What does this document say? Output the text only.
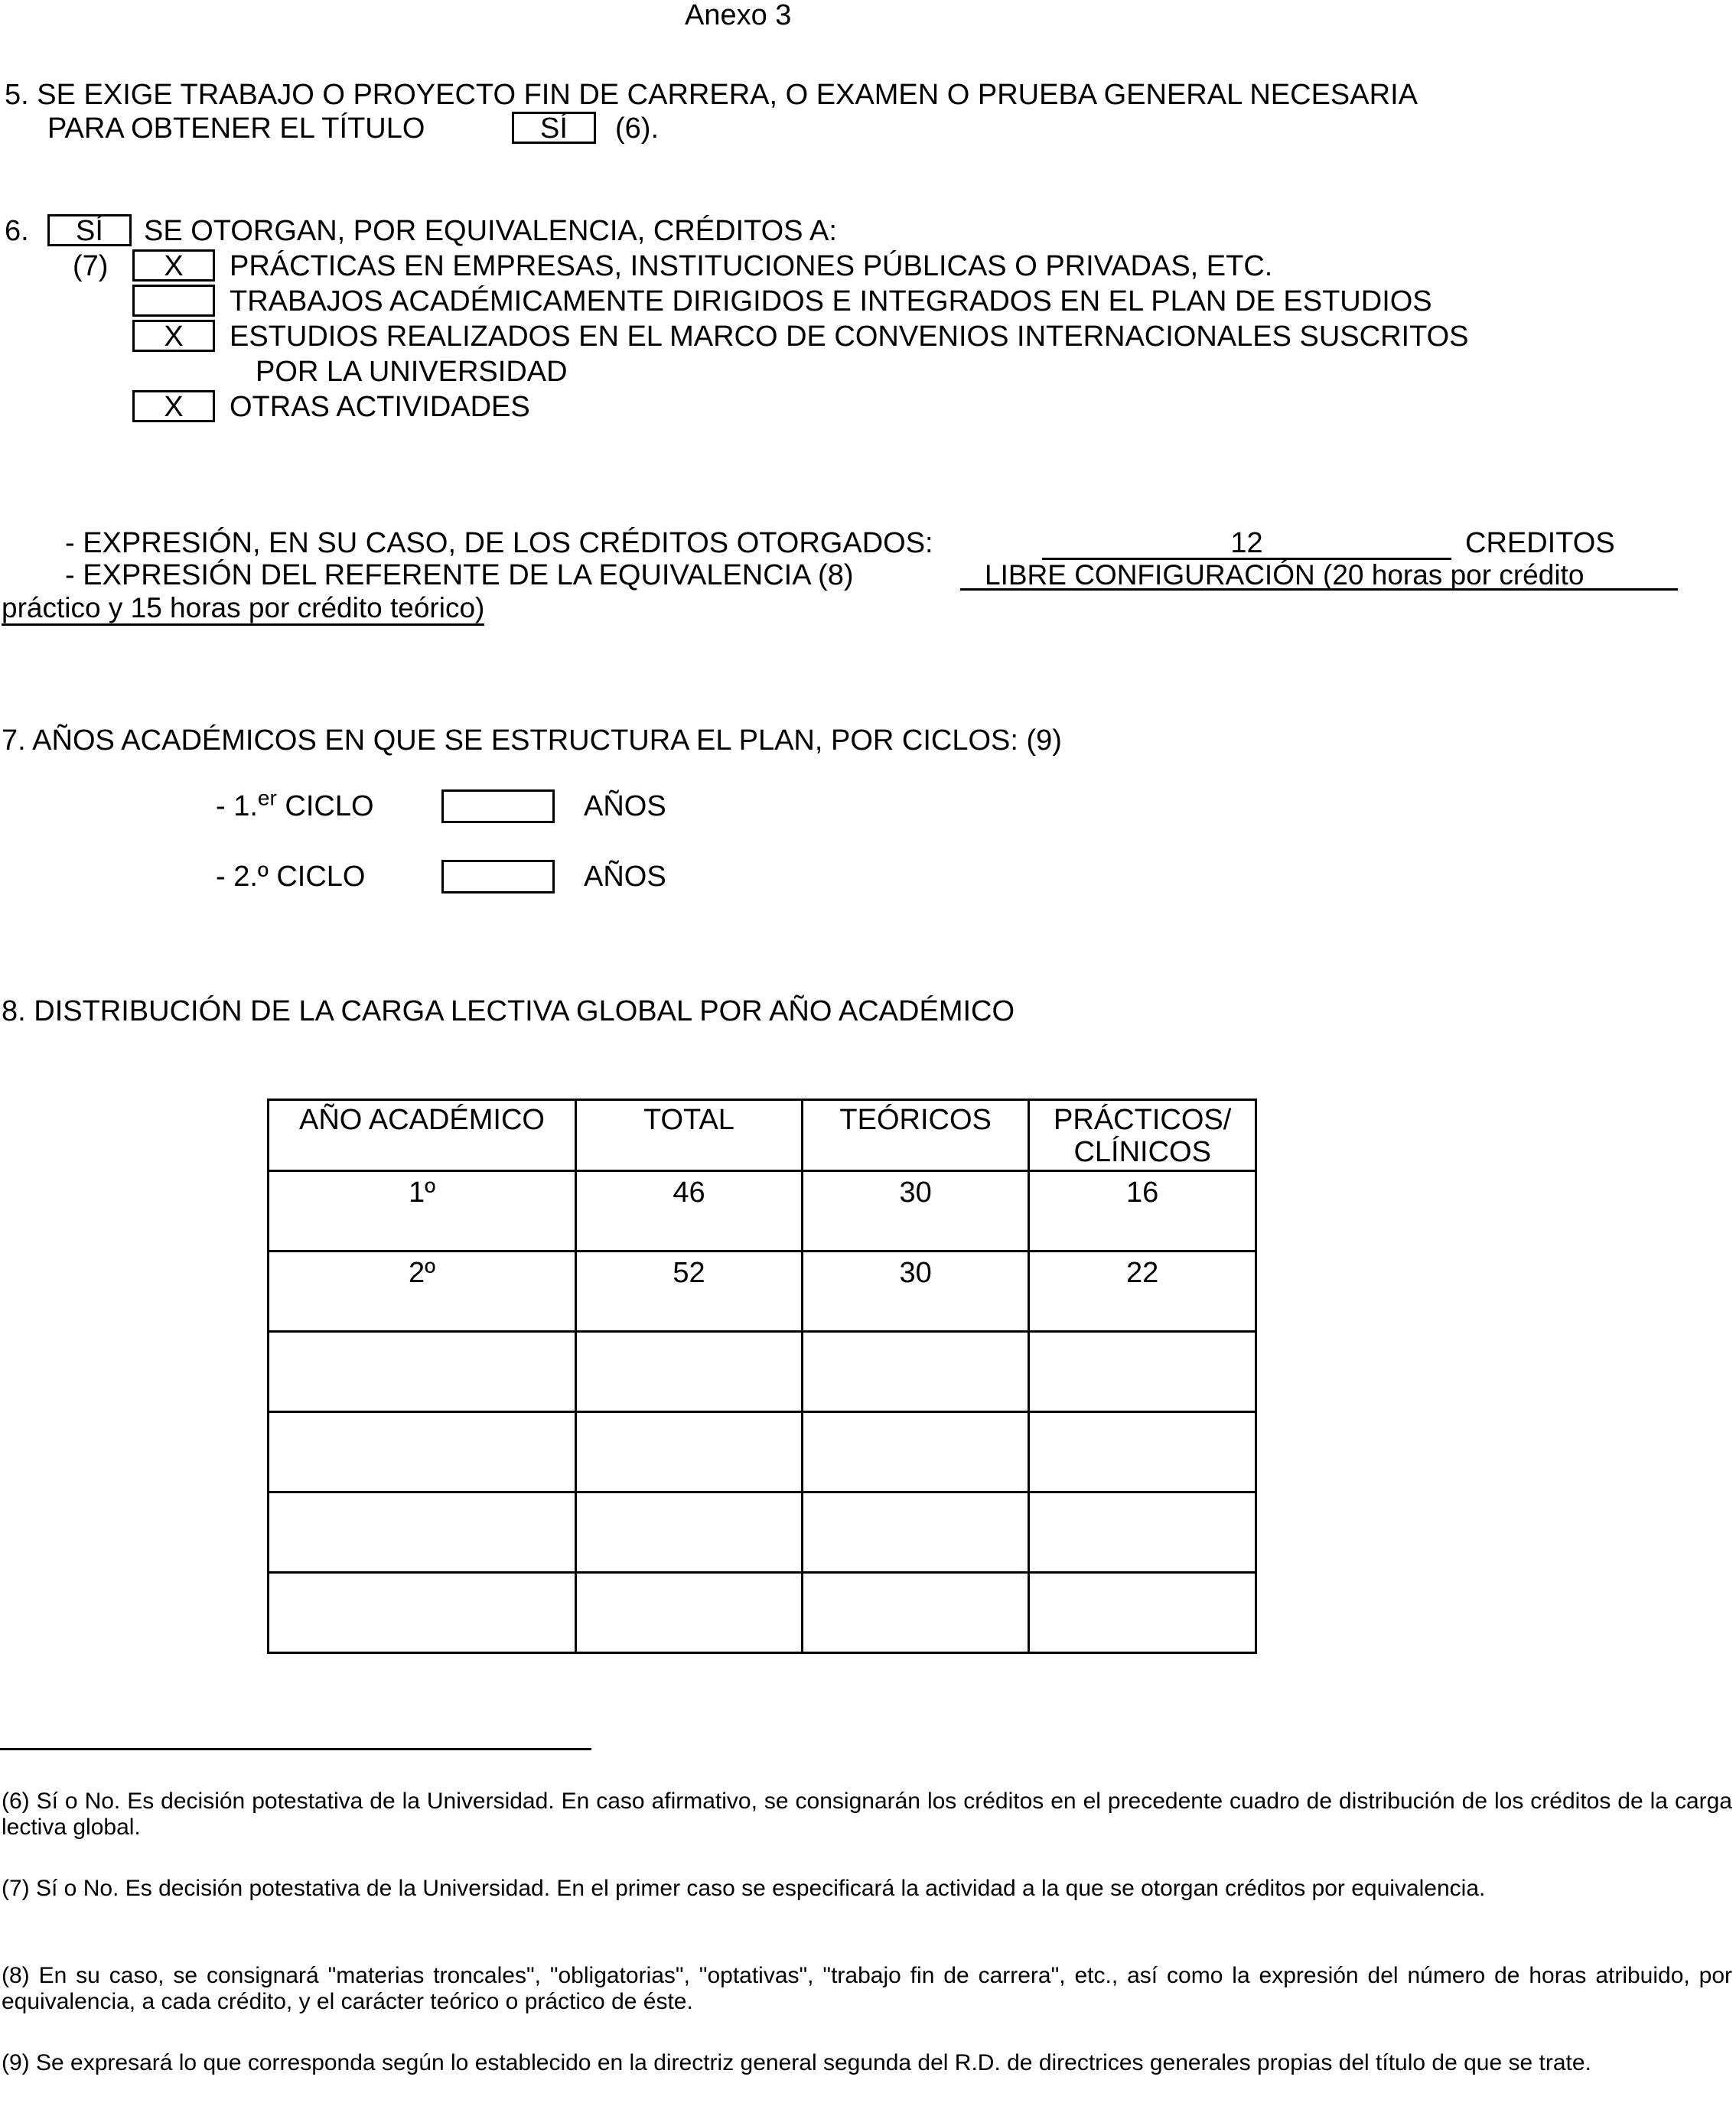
Anexo 3
5. SE EXIGE TRABAJO O PROYECTO FIN DE CARRERA, O EXAMEN O PRUEBA GENERAL NECESARIA
PARA OBTENER EL TÍTULO	SÍ	(6).
6.	SÍ	SE OTORGAN, POR EQUIVALENCIA, CRÉDITOS A:
(7)	X	PRÁCTICAS EN EMPRESAS, INSTITUCIONES PÚBLICAS O PRIVADAS, ETC.
TRABAJOS ACADÉMICAMENTE DIRIGIDOS E INTEGRADOS EN EL PLAN DE ESTUDIOS
X	ESTUDIOS REALIZADOS EN EL MARCO DE CONVENIOS INTERNACIONALES SUSCRITOS
POR LA UNIVERSIDAD
X	OTRAS ACTIVIDADES
- EXPRESIÓN, EN SU CASO, DE LOS CRÉDITOS OTORGADOS:	12	CREDITOS
- EXPRESIÓN DEL REFERENTE DE LA EQUIVALENCIA (8)	LIBRE CONFIGURACIÓN (20 horas por crédito
práctico y 15 horas por crédito teórico)
7. AÑOS ACADÉMICOS EN QUE SE ESTRUCTURA EL PLAN, POR CICLOS: (9)
- 1.$^{er}$ CICLO	AÑOS
- 2.º CICLO	AÑOS
8. DISTRIBUCIÓN DE LA CARGA LECTIVA GLOBAL POR AÑO ACADÉMICO
AÑO ACADÉMICO	TOTAL	TEÓRICOS	PRÁCTICOS/ CLÍNICOS
1º	46	30	16
2º	52	30	22

(6) Sí o No. Es decisión potestativa de la Universidad. En caso afirmativo, se consignarán los créditos en el precedente cuadro de distribución de los créditos de la carga lectiva global.
(7) Sí o No. Es decisión potestativa de la Universidad. En el primer caso se especificará la actividad a la que se otorgan créditos por equivalencia.
(8) En su caso, se consignará "materias troncales", "obligatorias", "optativas", "trabajo fin de carrera", etc., así como la expresión del número de horas atribuido, por equivalencia, a cada crédito, y el carácter teórico o práctico de éste.
(9) Se expresará lo que corresponda según lo establecido en la directriz general segunda del R.D. de directrices generales propias del título de que se trate.
